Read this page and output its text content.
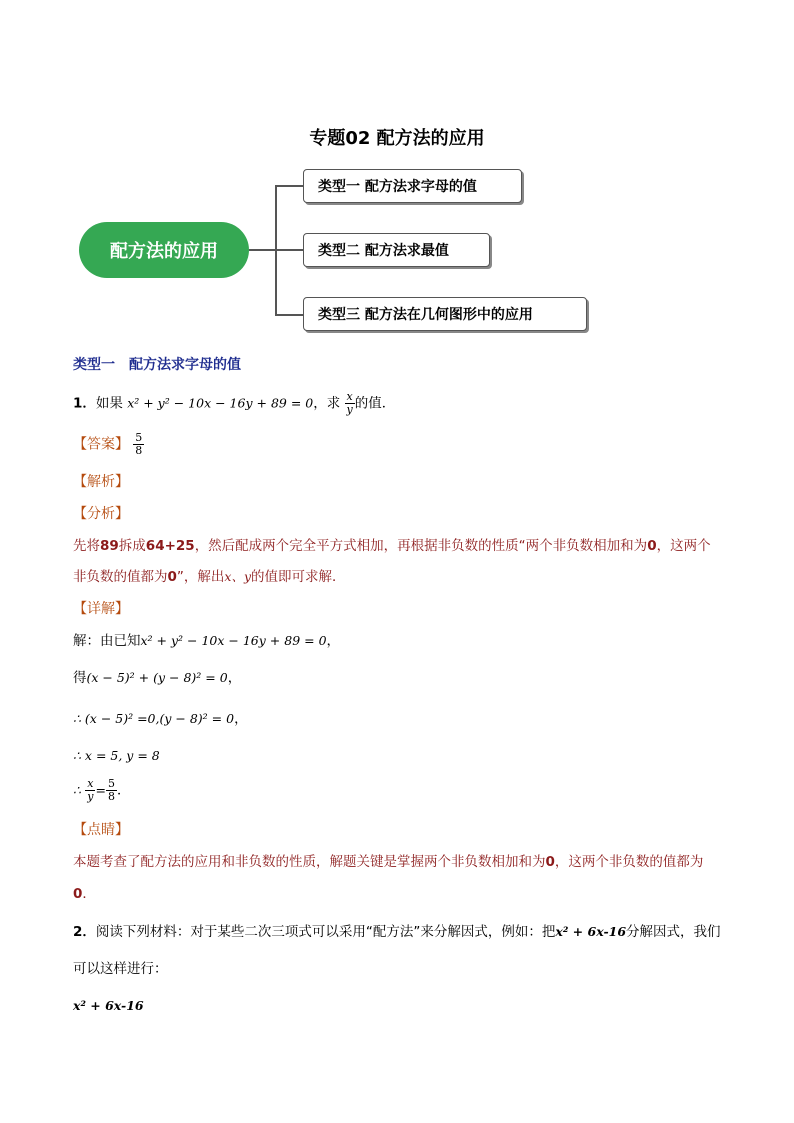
专题02 配方法的应用
配方法的应用
类型一 配方法求字母的值
类型二 配方法求最值
类型三 配方法在几何图形中的应用
类型一　配方法求字母的值
1．如果 x² + y² − 10x − 16y + 89 = 0，求 $\frac{x}{y}$ 的值．
【答案】 $\frac{5}{8}$
【解析】
【分析】
先将89拆成64+25，然后配成两个完全平方式相加，再根据非负数的性质“两个非负数相加和为0，这两个
非负数的值都为0”，解出x、y的值即可求解．
【详解】
解：由已知x² + y² − 10x − 16y + 89 = 0，
得(x − 5)² + (y − 8)² = 0，
∴ (x − 5)² =0,(y − 8)² = 0，
∴ x = 5, y = 8
∴ $\frac{x}{y} = \frac{5}{8}$ ．
【点睛】
本题考查了配方法的应用和非负数的性质，解题关键是掌握两个非负数相加和为0，这两个非负数的值都为
0．
2．阅读下列材料：对于某些二次三项式可以采用“配方法”来分解因式，例如：把x² + 6x-16分解因式，我们
可以这样进行：
x² + 6x-16
